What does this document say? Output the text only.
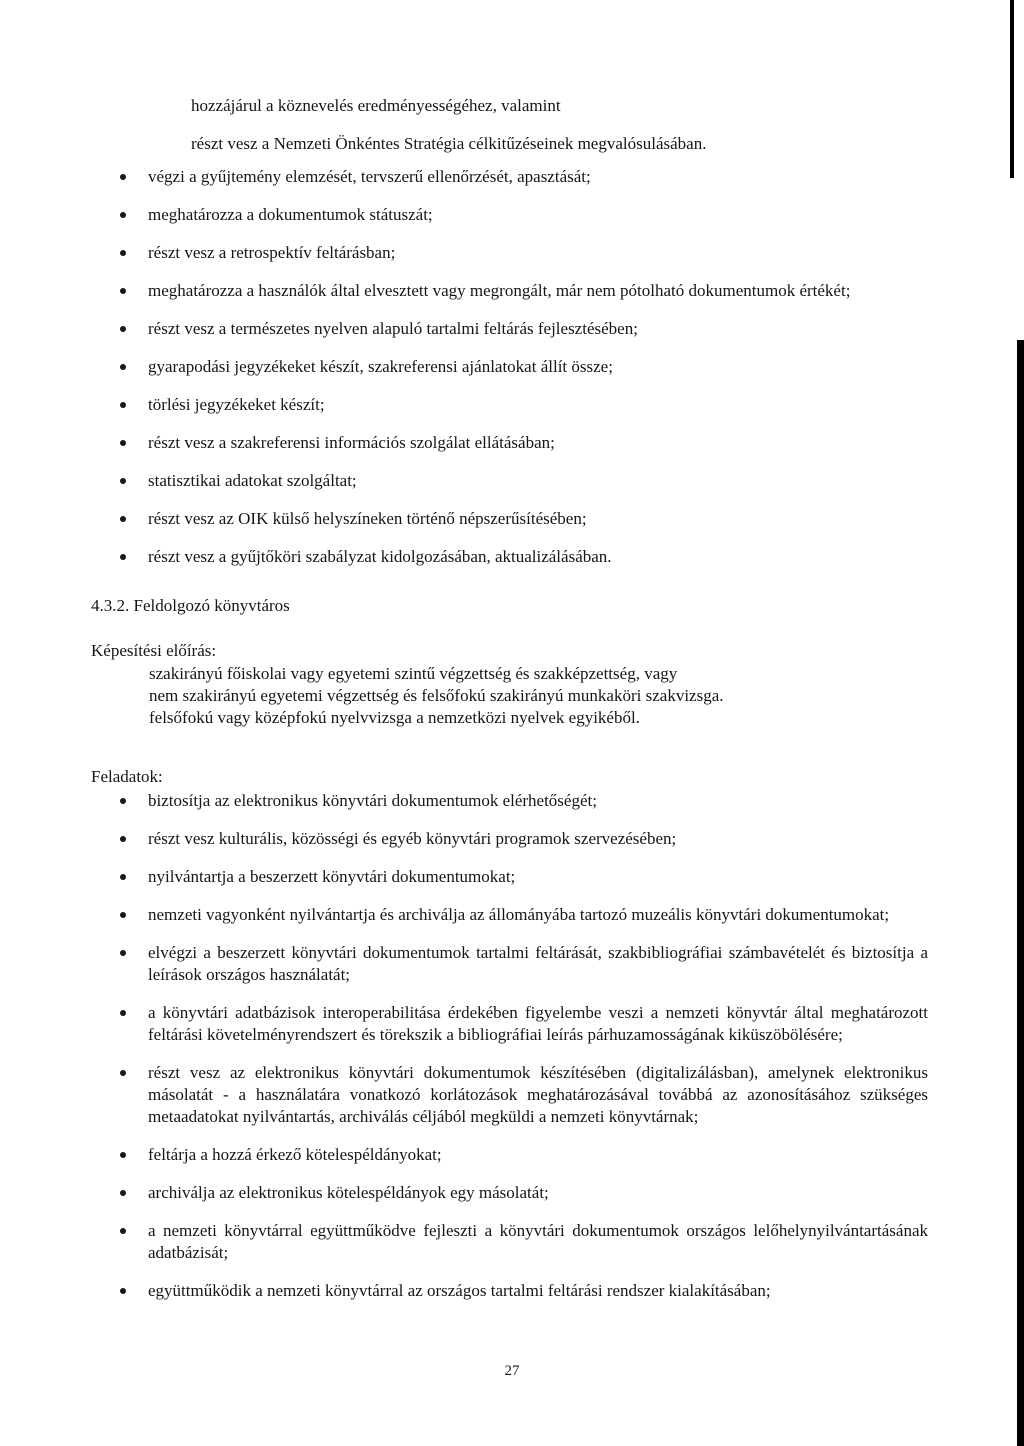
hozzájárul a köznevelés eredményességéhez, valamint
részt vesz a Nemzeti Önkéntes Stratégia célkitűzéseinek megvalósulásában.
végzi a gyűjtemény elemzését, tervszerű ellenőrzését, apasztását;
meghatározza a dokumentumok státuszát;
részt vesz a retrospektív feltárásban;
meghatározza a használók által elvesztett vagy megrongált, már nem pótolható dokumentumok értékét;
részt vesz a természetes nyelven alapuló tartalmi feltárás fejlesztésében;
gyarapodási jegyzékeket készít, szakreferensi ajánlatokat állít össze;
törlési jegyzékeket készít;
részt vesz a szakreferensi információs szolgálat ellátásában;
statisztikai adatokat szolgáltat;
részt vesz az OIK külső helyszíneken történő népszerűsítésében;
részt vesz a gyűjtőköri szabályzat kidolgozásában, aktualizálásában.
4.3.2. Feldolgozó könyvtáros
Képesítési előírás:
szakirányú főiskolai vagy egyetemi szintű végzettség és szakképzettség, vagy
nem szakirányú egyetemi végzettség és felsőfokú szakirányú munkaköri szakvizsga.
felsőfokú vagy középfokú nyelvvizsga a nemzetközi nyelvek egyikéből.
Feladatok:
biztosítja az elektronikus könyvtári dokumentumok elérhetőségét;
részt vesz kulturális, közösségi és egyéb könyvtári programok szervezésében;
nyilvántartja a beszerzett könyvtári dokumentumokat;
nemzeti vagyonként nyilvántartja és archiválja az állományába tartozó muzeális könyvtári dokumentumokat;
elvégzi a beszerzett könyvtári dokumentumok tartalmi feltárását, szakbibliográfiai számbavételét és biztosítja a leírások országos használatát;
a könyvtári adatbázisok interoperabilitása érdekében figyelembe veszi a nemzeti könyvtár által meghatározott feltárási követelményrendszert és törekszik a bibliográfiai leírás párhuzamosságának kiküszöbölésére;
részt vesz az elektronikus könyvtári dokumentumok készítésében (digitalizálásban), amelynek elektronikus másolatát - a használatára vonatkozó korlátozások meghatározásával továbbá az azonosításához szükséges metaadatokat nyilvántartás, archiválás céljából megküldi a nemzeti könyvtárnak;
feltárja a hozzá érkező kötelespéldányokat;
archiválja az elektronikus kötelespéldányok egy másolatát;
a nemzeti könyvtárral együttműködve fejleszti a könyvtári dokumentumok országos lelőhelynyilvántartásának adatbázisát;
együttműködik a nemzeti könyvtárral az országos tartalmi feltárási rendszer kialakításában;
27
